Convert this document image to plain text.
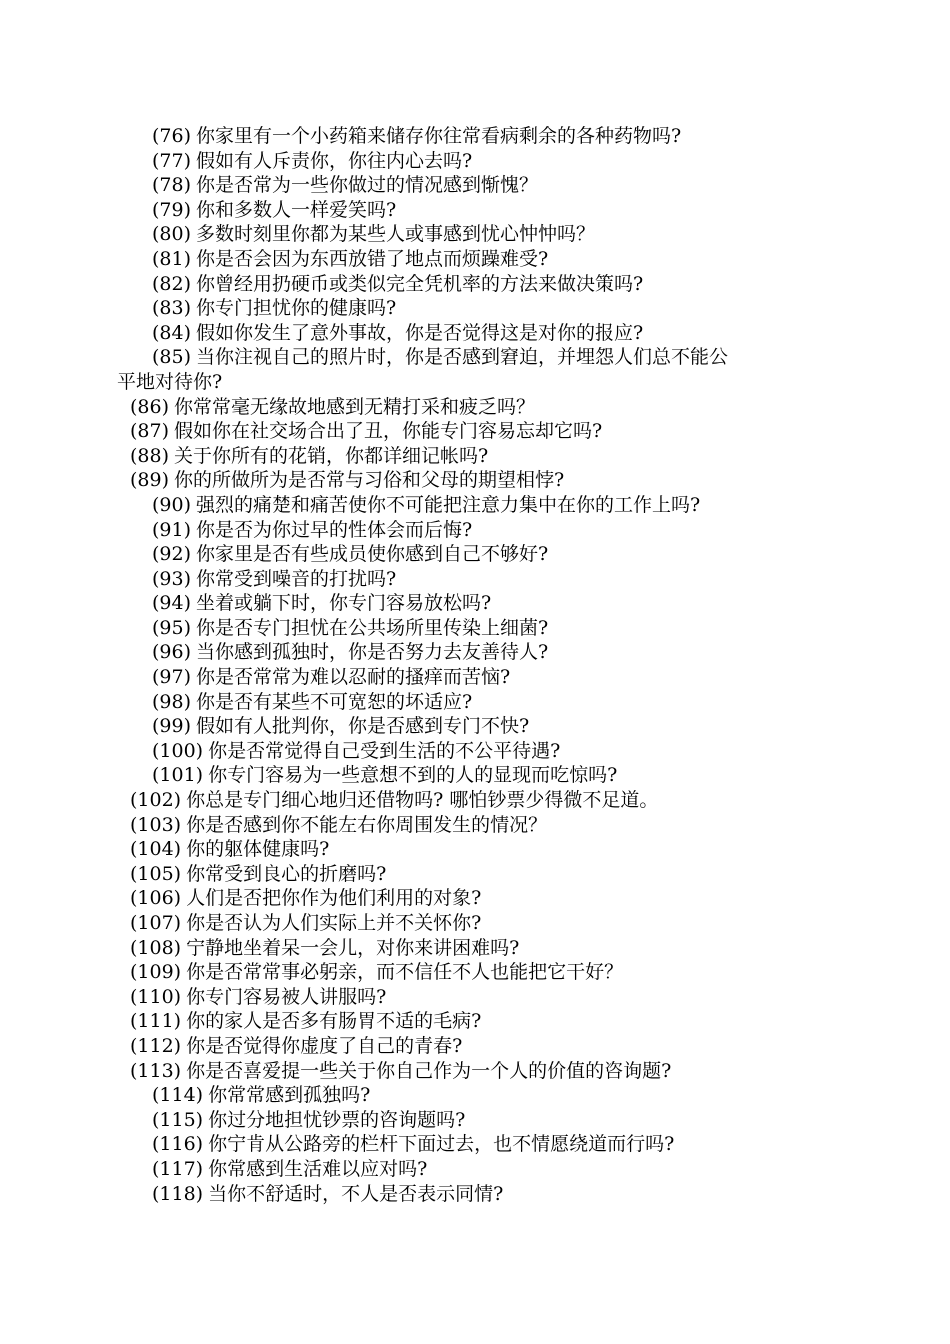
(76) 你家里有一个小药箱来储存你往常看病剩余的各种药物吗?
(77) 假如有人斥责你，你往内心去吗?
(78) 你是否常为一些你做过的情况感到惭愧？
(79) 你和多数人一样爱笑吗?
(80) 多数时刻里你都为某些人或事感到忧心忡忡吗？
(81) 你是否会因为东西放错了地点而烦躁难受?
(82) 你曾经用扔硬币或类似完全凭机率的方法来做决策吗?
(83) 你专门担忧你的健康吗?
(84) 假如你发生了意外事故，你是否觉得这是对你的报应?
(85) 当你注视自己的照片时，你是否感到窘迫，并埋怨人们总不能公
平地对待你?
(86) 你常常毫无缘故地感到无精打采和疲乏吗？
(87) 假如你在社交场合出了丑，你能专门容易忘却它吗?
(88) 关于你所有的花销，你都详细记帐吗?
(89) 你的所做所为是否常与习俗和父母的期望相悖?
(90) 强烈的痛楚和痛苦使你不可能把注意力集中在你的工作上吗?
(91) 你是否为你过早的性体会而后悔?
(92) 你家里是否有些成员使你感到自己不够好?
(93) 你常受到噪音的打扰吗?
(94) 坐着或躺下时，你专门容易放松吗?
(95) 你是否专门担忧在公共场所里传染上细菌?
(96) 当你感到孤独时，你是否努力去友善待人?
(97) 你是否常常为难以忍耐的搔痒而苦恼?
(98) 你是否有某些不可宽恕的坏适应?
(99) 假如有人批判你，你是否感到专门不快?
(100) 你是否常觉得自己受到生活的不公平待遇?
(101) 你专门容易为一些意想不到的人的显现而吃惊吗?
(102) 你总是专门细心地归还借物吗? 哪怕钞票少得微不足道。
(103) 你是否感到你不能左右你周围发生的情况？
(104) 你的躯体健康吗?
(105) 你常受到良心的折磨吗?
(106) 人们是否把你作为他们利用的对象?
(107) 你是否认为人们实际上并不关怀你?
(108) 宁静地坐着呆一会儿，对你来讲困难吗?
(109) 你是否常常事必躬亲，而不信任不人也能把它干好？
(110) 你专门容易被人讲服吗?
(111) 你的家人是否多有肠胃不适的毛病?
(112) 你是否觉得你虚度了自己的青春?
(113) 你是否喜爱提一些关于你自己作为一个人的价值的咨询题?
(114) 你常常感到孤独吗?
(115) 你过分地担忧钞票的咨询题吗?
(116) 你宁肯从公路旁的栏杆下面过去，也不情愿绕道而行吗?
(117) 你常感到生活难以应对吗?
(118) 当你不舒适时，不人是否表示同情?
